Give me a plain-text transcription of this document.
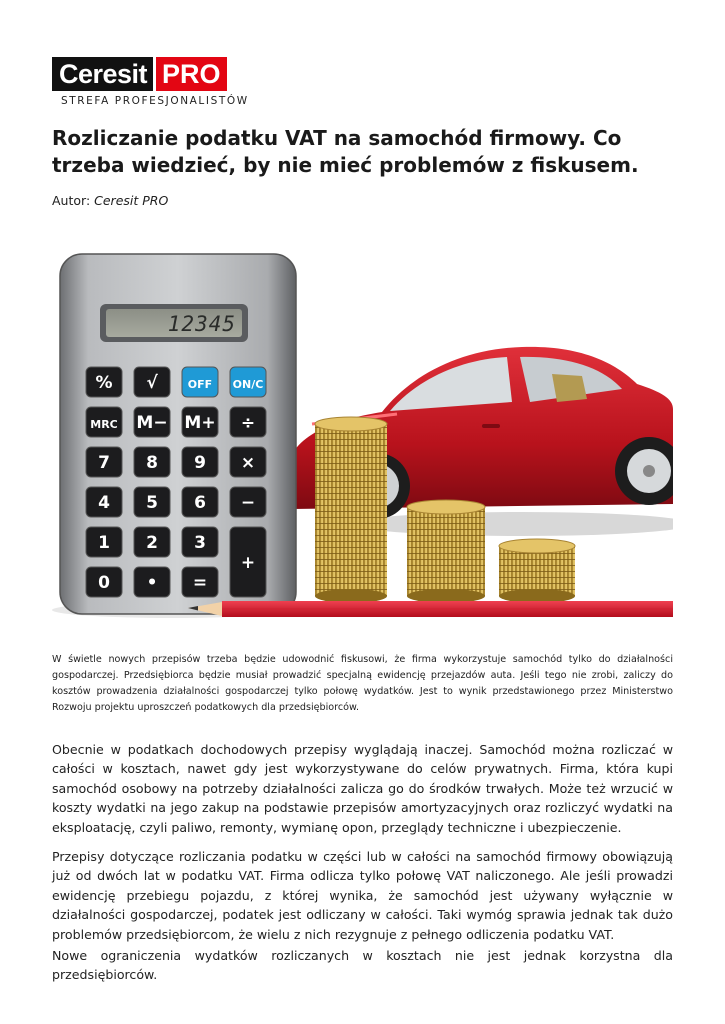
Ceresit PRO
STREFA PROFESJONALISTÓW
Rozliczanie podatku VAT na samochód firmowy. Co trzeba wiedzieć, by nie mieć problemów z fiskusem.
Autor: Ceresit PRO
12345
% √	OFF ON/C
MRC M− M+ ÷
7 8 9 ×
4 5 6 −
1 2 3
+
0 • =

W świetle nowych przepisów trzeba będzie udowodnić fiskusowi, że firma wykorzystuje samochód tylko do działalności gospodarczej. Przedsiębiorca będzie musiał prowadzić specjalną ewidencję przejazdów auta. Jeśli tego nie zrobi, zaliczy do kosztów prowadzenia działalności gospodarczej tylko połowę wydatków. Jest to wynik przedstawionego przez Ministerstwo Rozwoju projektu uproszczeń podatkowych dla przedsiębiorców.

Obecnie w podatkach dochodowych przepisy wyglądają inaczej. Samochód można rozliczać w całości w kosztach, nawet gdy jest wykorzystywane do celów prywatnych. Firma, która kupi samochód osobowy na potrzeby działalności zalicza go do środków trwałych. Może też wrzucić w koszty wydatki na jego zakup na podstawie przepisów amortyzacyjnych oraz rozliczyć wydatki na eksploatację, czyli paliwo, remonty, wymianę opon, przeglądy techniczne i ubezpieczenie.

Przepisy dotyczące rozliczania podatku w części lub w całości na samochód firmowy obowiązują już od dwóch lat w podatku VAT. Firma odlicza tylko połowę VAT naliczonego. Ale jeśli prowadzi ewidencję przebiegu pojazdu, z której wynika, że samochód jest używany wyłącznie w działalności gospodarczej, podatek jest odliczany w całości. Taki wymóg sprawia jednak tak dużo problemów przedsiębiorcom, że wielu z nich rezygnuje z pełnego odliczenia podatku VAT.

Nowe ograniczenia wydatków rozliczanych w kosztach nie jest jednak korzystna dla przedsiębiorców.
